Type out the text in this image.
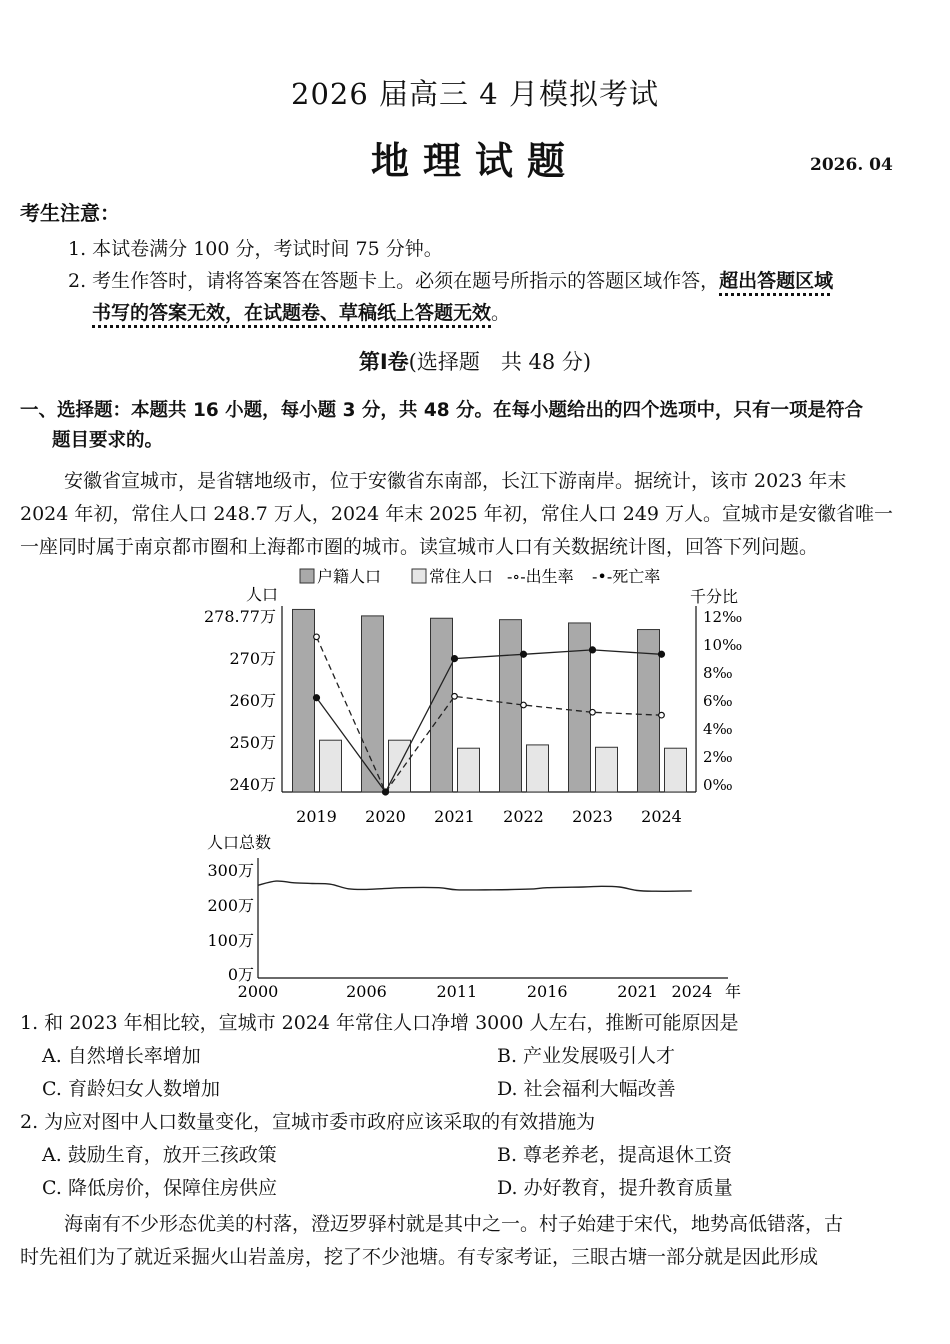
2026 届高三 4 月模拟考试
地理试题	2026. 04
考生注意：
1. 本试卷满分 100 分，考试时间 75 分钟。
2. 考生作答时，请将答案答在答题卡上。必须在题号所指示的答题区域作答，超出答题区域
书写的答案无效，在试题卷、草稿纸上答题无效。
第Ⅰ卷(选择题　共 48 分)
一、选择题：本题共 16 小题，每小题 3 分，共 48 分。在每小题给出的四个选项中，只有一项是符合
题目要求的。
安徽省宣城市，是省辖地级市，位于安徽省东南部，长江下游南岸。据统计，该市 2023 年末
2024 年初，常住人口 248.7 万人，2024 年末 2025 年初，常住人口 249 万人。宣城市是安徽省唯一
一座同时属于南京都市圈和上海都市圈的城市。读宣城市人口有关数据统计图，回答下列问题。
户籍人口	常住人口 -∘-出生率 -•-死亡率
人口	千分比
278.77万
270万
260万
250万
240万
12‰
10‰
8‰
6‰
4‰
2‰
0‰
2019 2020 2021 2022 2023 2024
人口总数
300万
200万
100万
0万
2000	2006	2011	2016	2021 2024 年
1. 和 2023 年相比较，宣城市 2024 年常住人口净增 3000 人左右，推断可能原因是
A. 自然增长率增加	B. 产业发展吸引人才
C. 育龄妇女人数增加	D. 社会福利大幅改善
2. 为应对图中人口数量变化，宣城市委市政府应该采取的有效措施为
A. 鼓励生育，放开三孩政策	B. 尊老养老，提高退休工资
C. 降低房价，保障住房供应	D. 办好教育，提升教育质量
海南有不少形态优美的村落，澄迈罗驿村就是其中之一。村子始建于宋代，地势高低错落，古
时先祖们为了就近采掘火山岩盖房，挖了不少池塘。有专家考证，三眼古塘一部分就是因此形成
